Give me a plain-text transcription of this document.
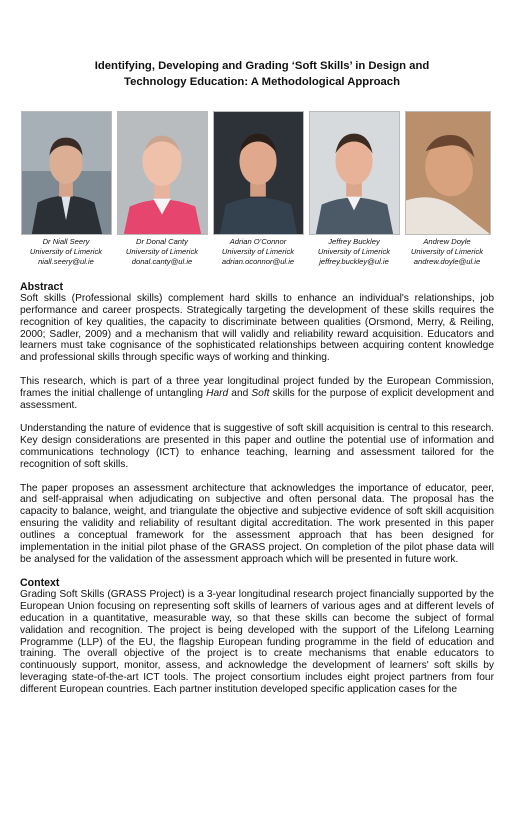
Identifying, Developing and Grading ‘Soft Skills’ in Design and
Technology Education: A Methodological Approach
Dr Niall Seery
University of Limerick
niall.seery@ul.ie
Dr Donal Canty
University of Limerick
donal.canty@ul.ie
Adrian O’Connor
University of Limerick
adrian.oconnor@ul.ie
Jeffrey Buckley
University of Limerick
jeffrey.buckley@ul.ie
Andrew Doyle
University of Limerick
andrew.doyle@ul.ie
Abstract

Soft skills (Professional skills) complement hard skills to enhance an individual's relationships, job performance and career prospects. Strategically targeting the development of these skills requires the recognition of key qualities, the capacity to discriminate between qualities (Orsmond, Merry, & Reiling, 2000; Sadler, 2009) and a mechanism that will validly and reliability reward acquisition. Educators and learners must take cognisance of the sophisticated relationships between acquiring content knowledge and professional skills through specific ways of working and thinking.

This research, which is part of a three year longitudinal project funded by the European Commission, frames the initial challenge of untangling Hard and Soft skills for the purpose of explicit development and assessment.

Understanding the nature of evidence that is suggestive of soft skill acquisition is central to this research. Key design considerations are presented in this paper and outline the potential use of information and communications technology (ICT) to enhance teaching, learning and assessment tailored for the recognition of soft skills.

The paper proposes an assessment architecture that acknowledges the importance of educator, peer, and self-appraisal when adjudicating on subjective and often personal data. The proposal has the capacity to balance, weight, and triangulate the objective and subjective evidence of soft skill acquisition ensuring the validity and reliability of resultant digital accreditation. The work presented in this paper outlines a conceptual framework for the assessment approach that has been designed for implementation in the initial pilot phase of the GRASS project. On completion of the pilot phase data will be analysed for the validation of the assessment approach which will be presented in future work.

Context

Grading Soft Skills (GRASS Project) is a 3-year longitudinal research project financially supported by the European Union focusing on representing soft skills of learners of various ages and at different levels of education in a quantitative, measurable way, so that these skills can become the subject of formal validation and recognition. The project is being developed with the support of the Lifelong Learning Programme (LLP) of the EU, the flagship European funding programme in the field of education and training. The overall objective of the project is to create mechanisms that enable educators to continuously support, monitor, assess, and acknowledge the development of learners' soft skills by leveraging state-of-the-art ICT tools. The project consortium includes eight project partners from four different European countries. Each partner institution developed specific application cases for the
